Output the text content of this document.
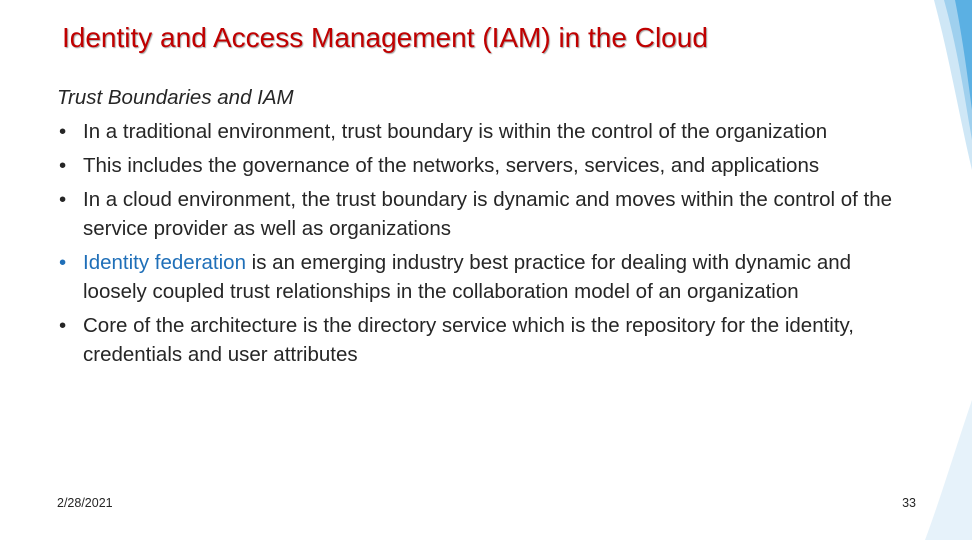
Identity and Access Management (IAM) in the Cloud
Trust Boundaries and IAM
• In a traditional environment, trust boundary is within the control of the organization
• This includes the governance of the networks, servers, services, and applications
• In a cloud environment, the trust boundary is dynamic and moves within the control of the service provider as well as organizations
• Identity federation is an emerging industry best practice for dealing with dynamic and loosely coupled trust relationships in the collaboration model of an organization
• Core of the architecture is the directory service which is the repository for the identity, credentials and user attributes
2/28/2021	33
